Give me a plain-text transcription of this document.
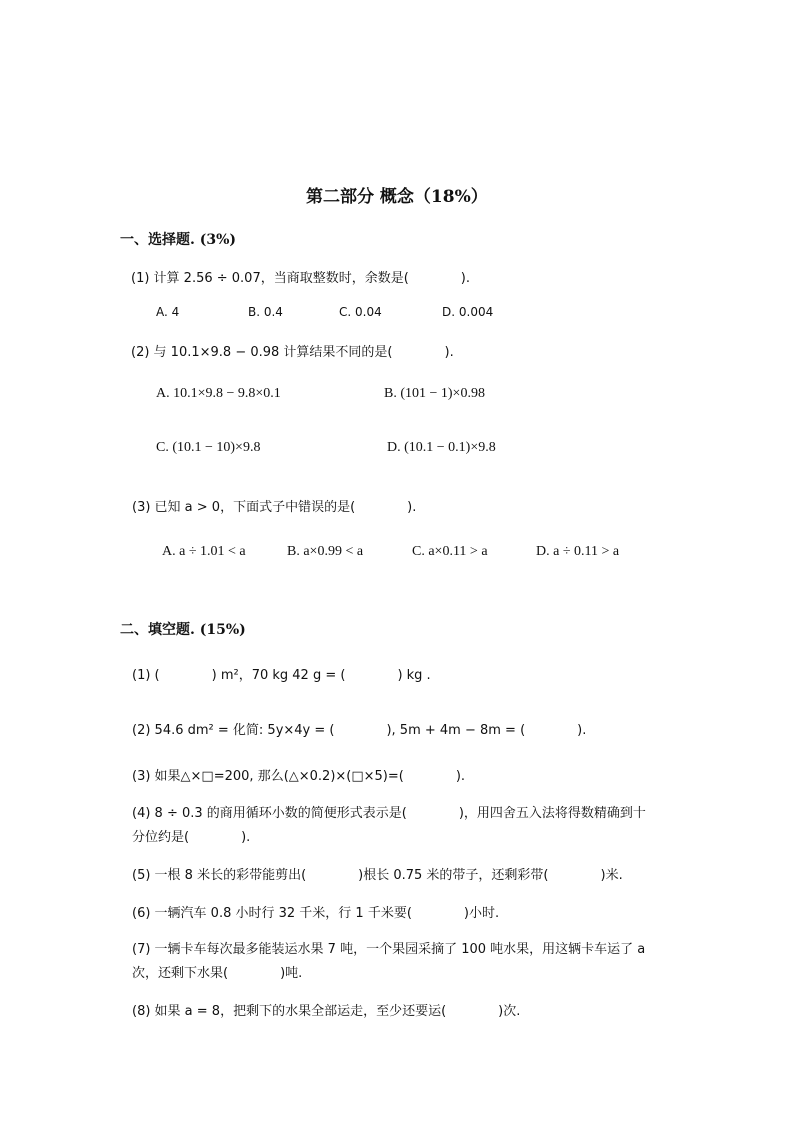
第二部分 概念（18%）
一、选择题. (3%)
(1) 计算 2.56 ÷ 0.07，当商取整数时，余数是(　　　　).
A. 4	B. 0.4	C. 0.04	D. 0.004
(2) 与 10.1×9.8 − 0.98 计算结果不同的是(　　　　).
A. 10.1×9.8 − 9.8×0.1	B. (101 − 1)×0.98
C. (10.1 − 10)×9.8	D. (10.1 − 0.1)×9.8
(3) 已知 a > 0，下面式子中错误的是(　　　　).
A. a ÷ 1.01 < a	B. a×0.99 < a	C. a×0.11 > a	D. a ÷ 0.11 > a
二、填空题. (15%)
(1) (　　　　) m²，70 kg 42 g = (　　　　) kg .
(2) 54.6 dm² = 化简: 5y×4y = (　　　　), 5m + 4m − 8m = (　　　　).
(3) 如果△×□=200, 那么(△×0.2)×(□×5)=(　　　　).
(4) 8 ÷ 0.3 的商用循环小数的简便形式表示是(　　　　)，用四舍五入法将得数精确到十
分位约是(　　　　).
(5) 一根 8 米长的彩带能剪出(　　　　)根长 0.75 米的带子，还剩彩带(　　　　)米.
(6) 一辆汽车 0.8 小时行 32 千米，行 1 千米要(　　　　)小时.
(7) 一辆卡车每次最多能装运水果 7 吨，一个果园采摘了 100 吨水果，用这辆卡车运了 a
次，还剩下水果(　　　　)吨.
(8) 如果 a = 8，把剩下的水果全部运走，至少还要运(　　　　)次.
